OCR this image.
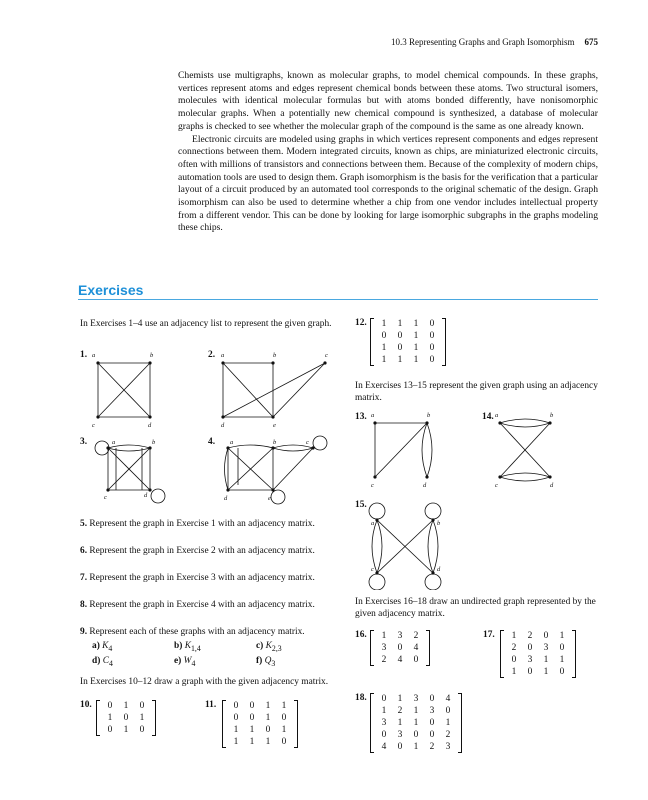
10.3 Representing Graphs and Graph Isomorphism 675

Chemists use multigraphs, known as molecular graphs, to model chemical compounds. In these graphs, vertices represent atoms and edges represent chemical bonds between these atoms. Two structural isomers, molecules with identical molecular formulas but with atoms bonded differently, have nonisomorphic molecular graphs. When a potentially new chemical compound is synthesized, a database of molecular graphs is checked to see whether the molecular graph of the compound is the same as one already known.

Electronic circuits are modeled using graphs in which vertices represent components and edges represent connections between them. Modern integrated circuits, known as chips, are miniaturized electronic circuits, often with millions of transistors and connections between them. Because of the complexity of modern chips, automation tools are used to design them. Graph isomorphism is the basis for the verification that a particular layout of a circuit produced by an automated tool corresponds to the original schematic of the design. Graph isomorphism can also be used to determine whether a chip from one vendor includes intellectual property from a different vendor. This can be done by looking for large isomorphic subgraphs in the graphs modeling these chips.

Exercises
In Exercises 1–4 use an adjacency list to represent the given graph.
1.	2.
3.	4.
a	b
c	d
a	b	c
d	e
a	b
c	d
a	b	c
d	e
5. Represent the graph in Exercise 1 with an adjacency matrix.
6. Represent the graph in Exercise 2 with an adjacency matrix.
7. Represent the graph in Exercise 3 with an adjacency matrix.
8. Represent the graph in Exercise 4 with an adjacency matrix.
9. Represent each of these graphs with an adjacency matrix.
a) $K_4$	b) $K_{1,4}$	c) $K_{2,3}$
d) $C_4$	e) $W_4$	f) $Q_3$
In Exercises 10–12 draw a graph with the given adjacency matrix.
10. 0	1	0
1	0	1
0	1	0
11. 0	0	1	1
0	0	1	0
1	1	0	1
1	1	1	0
12. 1	1	1	0
0	0	1	0
1	0	1	0
1	1	1	0
In Exercises 13–15 represent the given graph using an adjacency matrix.
13.	14.
15.
a	b
c	d
a	b
c	d
a	b
c	d
In Exercises 16–18 draw an undirected graph represented by the given adjacency matrix.
16. 1	3	2
3	0	4
2	4	0
17. 1	2	0	1
2	0	3	0
0	3	1	1
1	0	1	0
18. 0	1	3	0	4
1	2	1	3	0
3	1	1	0	1
0	3	0	0	2
4	0	1	2	3
